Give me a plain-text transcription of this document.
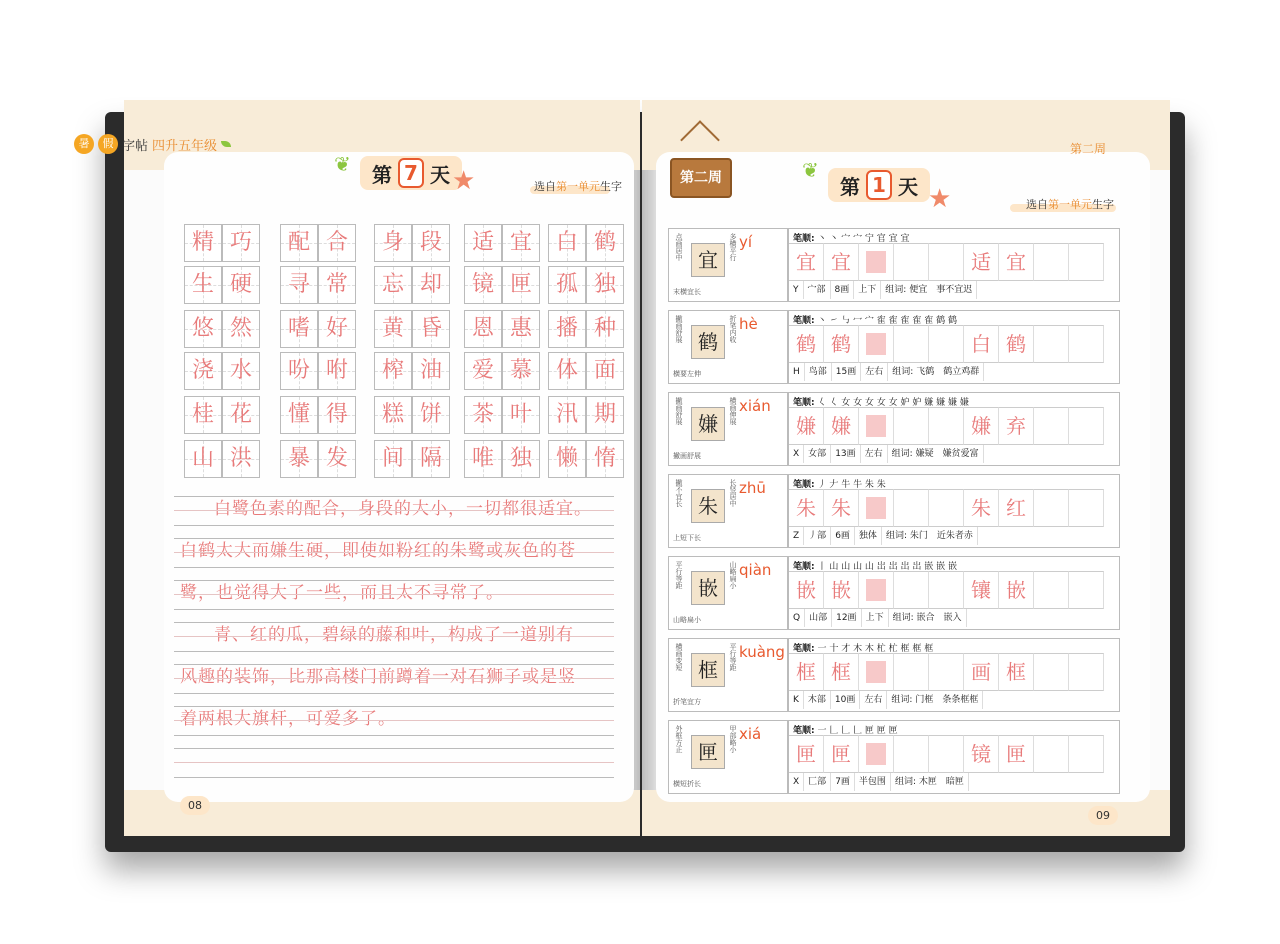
暑	假 字帖 四升五年级
❦ 第 7 天 ★	选自第一单元生字
白鹭色素的配合，身段的大小，一切都很适宜。
白鹤太大而嫌生硬，即使如粉红的朱鹭或灰色的苍
鹭，也觉得大了一些，而且太不寻常了。
青、红的瓜，碧绿的藤和叶，构成了一道别有
风趣的装饰，比那高楼门前蹲着一对石狮子或是竖
着两根大旗杆，可爱多了。
08
第二周
第二周
❦
第 1 天 ★	选自第一单元生字
09
精 巧	配 合	身 段	适 宜	白 鹤
生 硬	寻 常	忘 却	镜 匣	孤 独
悠 然	嗜 好	黄 昏	恩 惠	播 种
浇 水	吩 咐	榨 油	爱 慕	体 面
桂 花	懂 得	糕 饼	茶 叶	汛 期
山 洪	暴 发	间 隔	唯 独	懒 惰
点画居中 宜	多横平行 yí
末横宜长
笔顺: 丶 丶 宀 宀 宁 官 宜 宜
宜 宜	适 宜
Y	宀部	8画	上下	组词: 便宜　事不宜迟
撇画舒展 鹤	折笔内收 hè
横要左伸
笔顺: 丶 ㇀ ㇉ 冖 宀 隺 隺 隺 隺 隺 鹤 鹤
鹤 鹤	白 鹤
H	鸟部	15画	左右	组词: 飞鹤　鹤立鸡群
撇画舒展 嫌	横画伸展 xián
撇画舒展
笔顺: 𡿨 𡿨 女 女 女 女 女 妒 妒 嫌 嫌 嫌 嫌
嫌 嫌	嫌 弃
X	女部	13画	左右	组词: 嫌疑　嫌贫爱富
撇不宜长 朱	长竖居中 zhū
上短下长
笔顺: 丿 𠂇 牛 牛 朱 朱
朱 朱	朱 红
Z	丿部	6画	独体	组词: 朱门　近朱者赤
平行等距 嵌	山略扁小 qiàn
山略扁小
笔顺: 丨 山 山 山 山 岀 岀 岀 岀 嵌 嵌 嵌
嵌 嵌	镶 嵌
Q	山部	12画	上下	组词: 嵌合　嵌入
横画变短 框	平行等距 kuàng
折笔宜方
笔顺: 一 十 才 木 木 杧 杧 框 框 框
框 框	画 框
K	木部	10画	左右	组词: 门框　条条框框
外框方正 匣	甲部略小 xiá
横短折长
笔顺: 一 𠃊 𠃊 𠃊 匣 匣 匣
匣 匣	镜 匣
X	匸部	7画	半包围	组词: 木匣　暗匣
